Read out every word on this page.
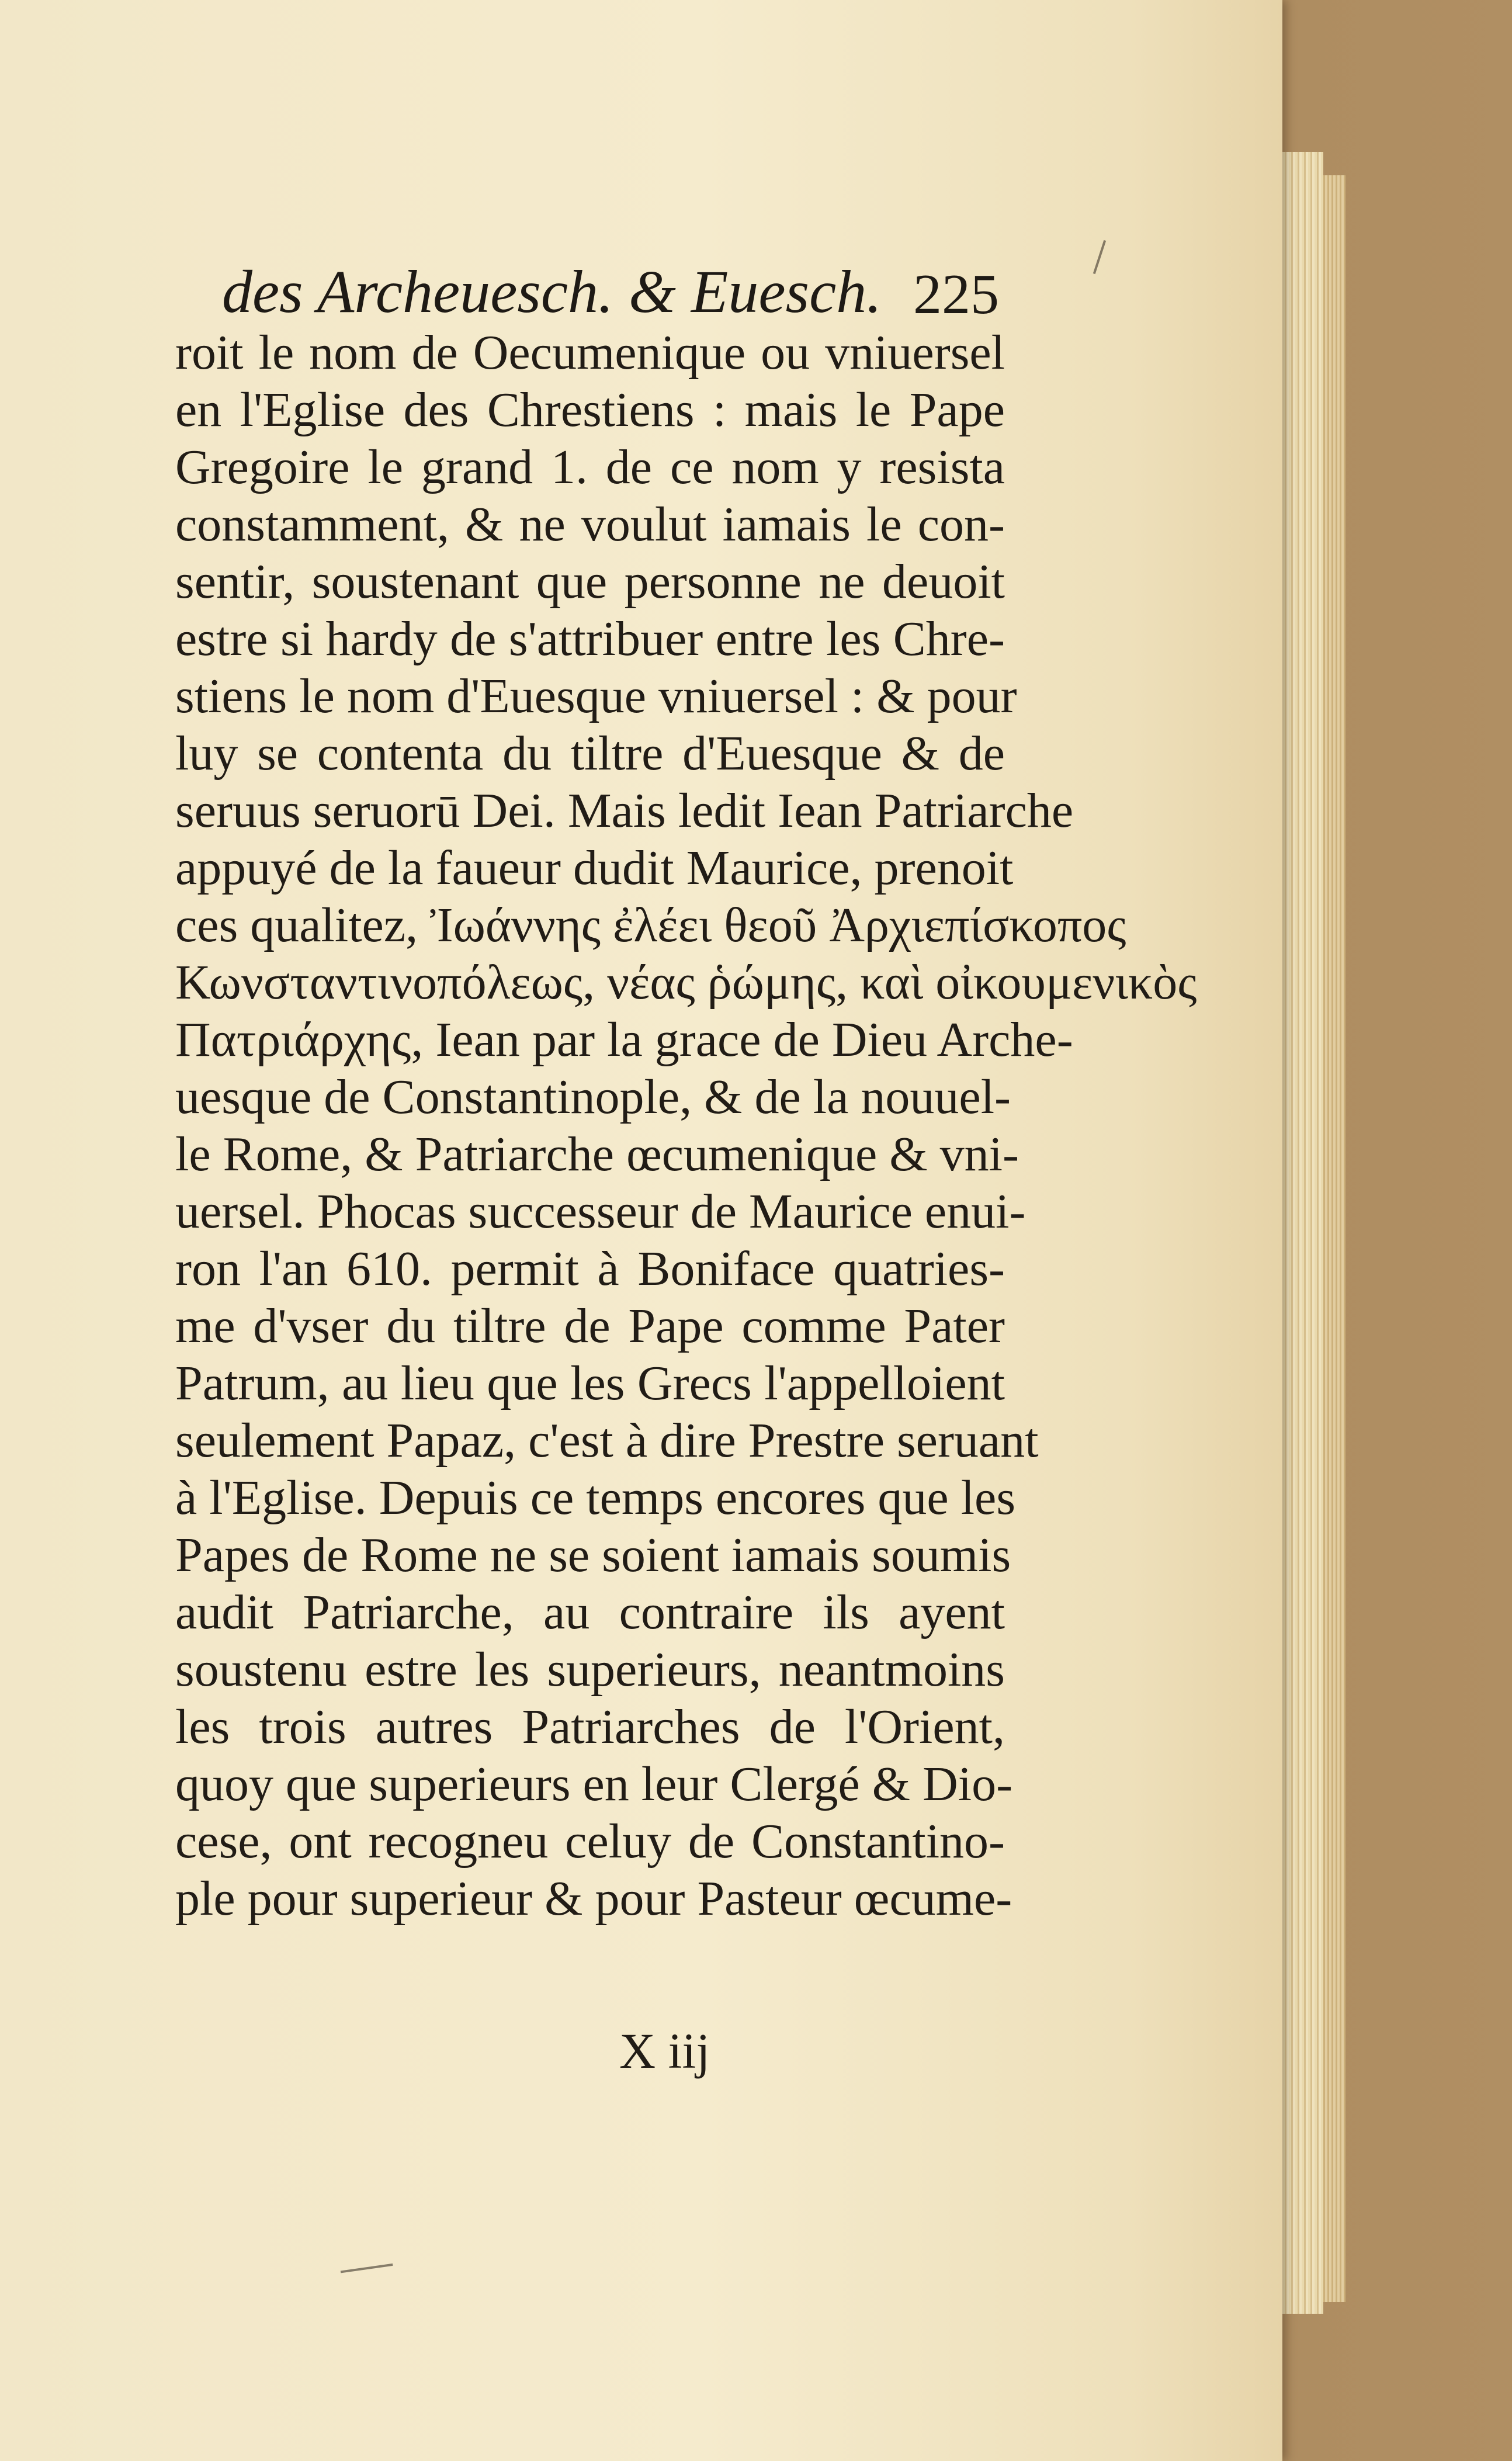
des Archeuesch. & Euesch. 225
roit le nom de Oecumenique ou vniuersel
en l'Eglise des Chrestiens : mais le Pape
Gregoire le grand 1. de ce nom y resista
constamment, & ne voulut iamais le con-
sentir, soustenant que personne ne deuoit
estre si hardy de s'attribuer entre les Chre-
stiens le nom d'Euesque vniuersel : & pour
luy se contenta du tiltre d'Euesque & de
seruus seruorū Dei. Mais ledit Iean Patriarche
appuyé de la faueur dudit Maurice, prenoit
ces qualitez, Ἰωάννης ἐλέει θεοῦ Ἀρχιεπίσκοπος
Κωνσταντινοπόλεως, νέας ῥώμης, καὶ οἰκουμενικὸς
Πατριάρχης, Iean par la grace de Dieu Arche-
uesque de Constantinople, & de la nouuel-
le Rome, & Patriarche œcumenique & vni-
uersel. Phocas successeur de Maurice enui-
ron l'an 610. permit à Boniface quatries-
me d'vser du tiltre de Pape comme Pater
Patrum, au lieu que les Grecs l'appelloient
seulement Papaz, c'est à dire Prestre seruant
à l'Eglise. Depuis ce temps encores que les
Papes de Rome ne se soient iamais soumis
audit Patriarche, au contraire ils ayent
soustenu estre les superieurs, neantmoins
les trois autres Patriarches de l'Orient,
quoy que superieurs en leur Clergé & Dio-
cese, ont recogneu celuy de Constantino-
ple pour superieur & pour Pasteur œcume-
X iij
